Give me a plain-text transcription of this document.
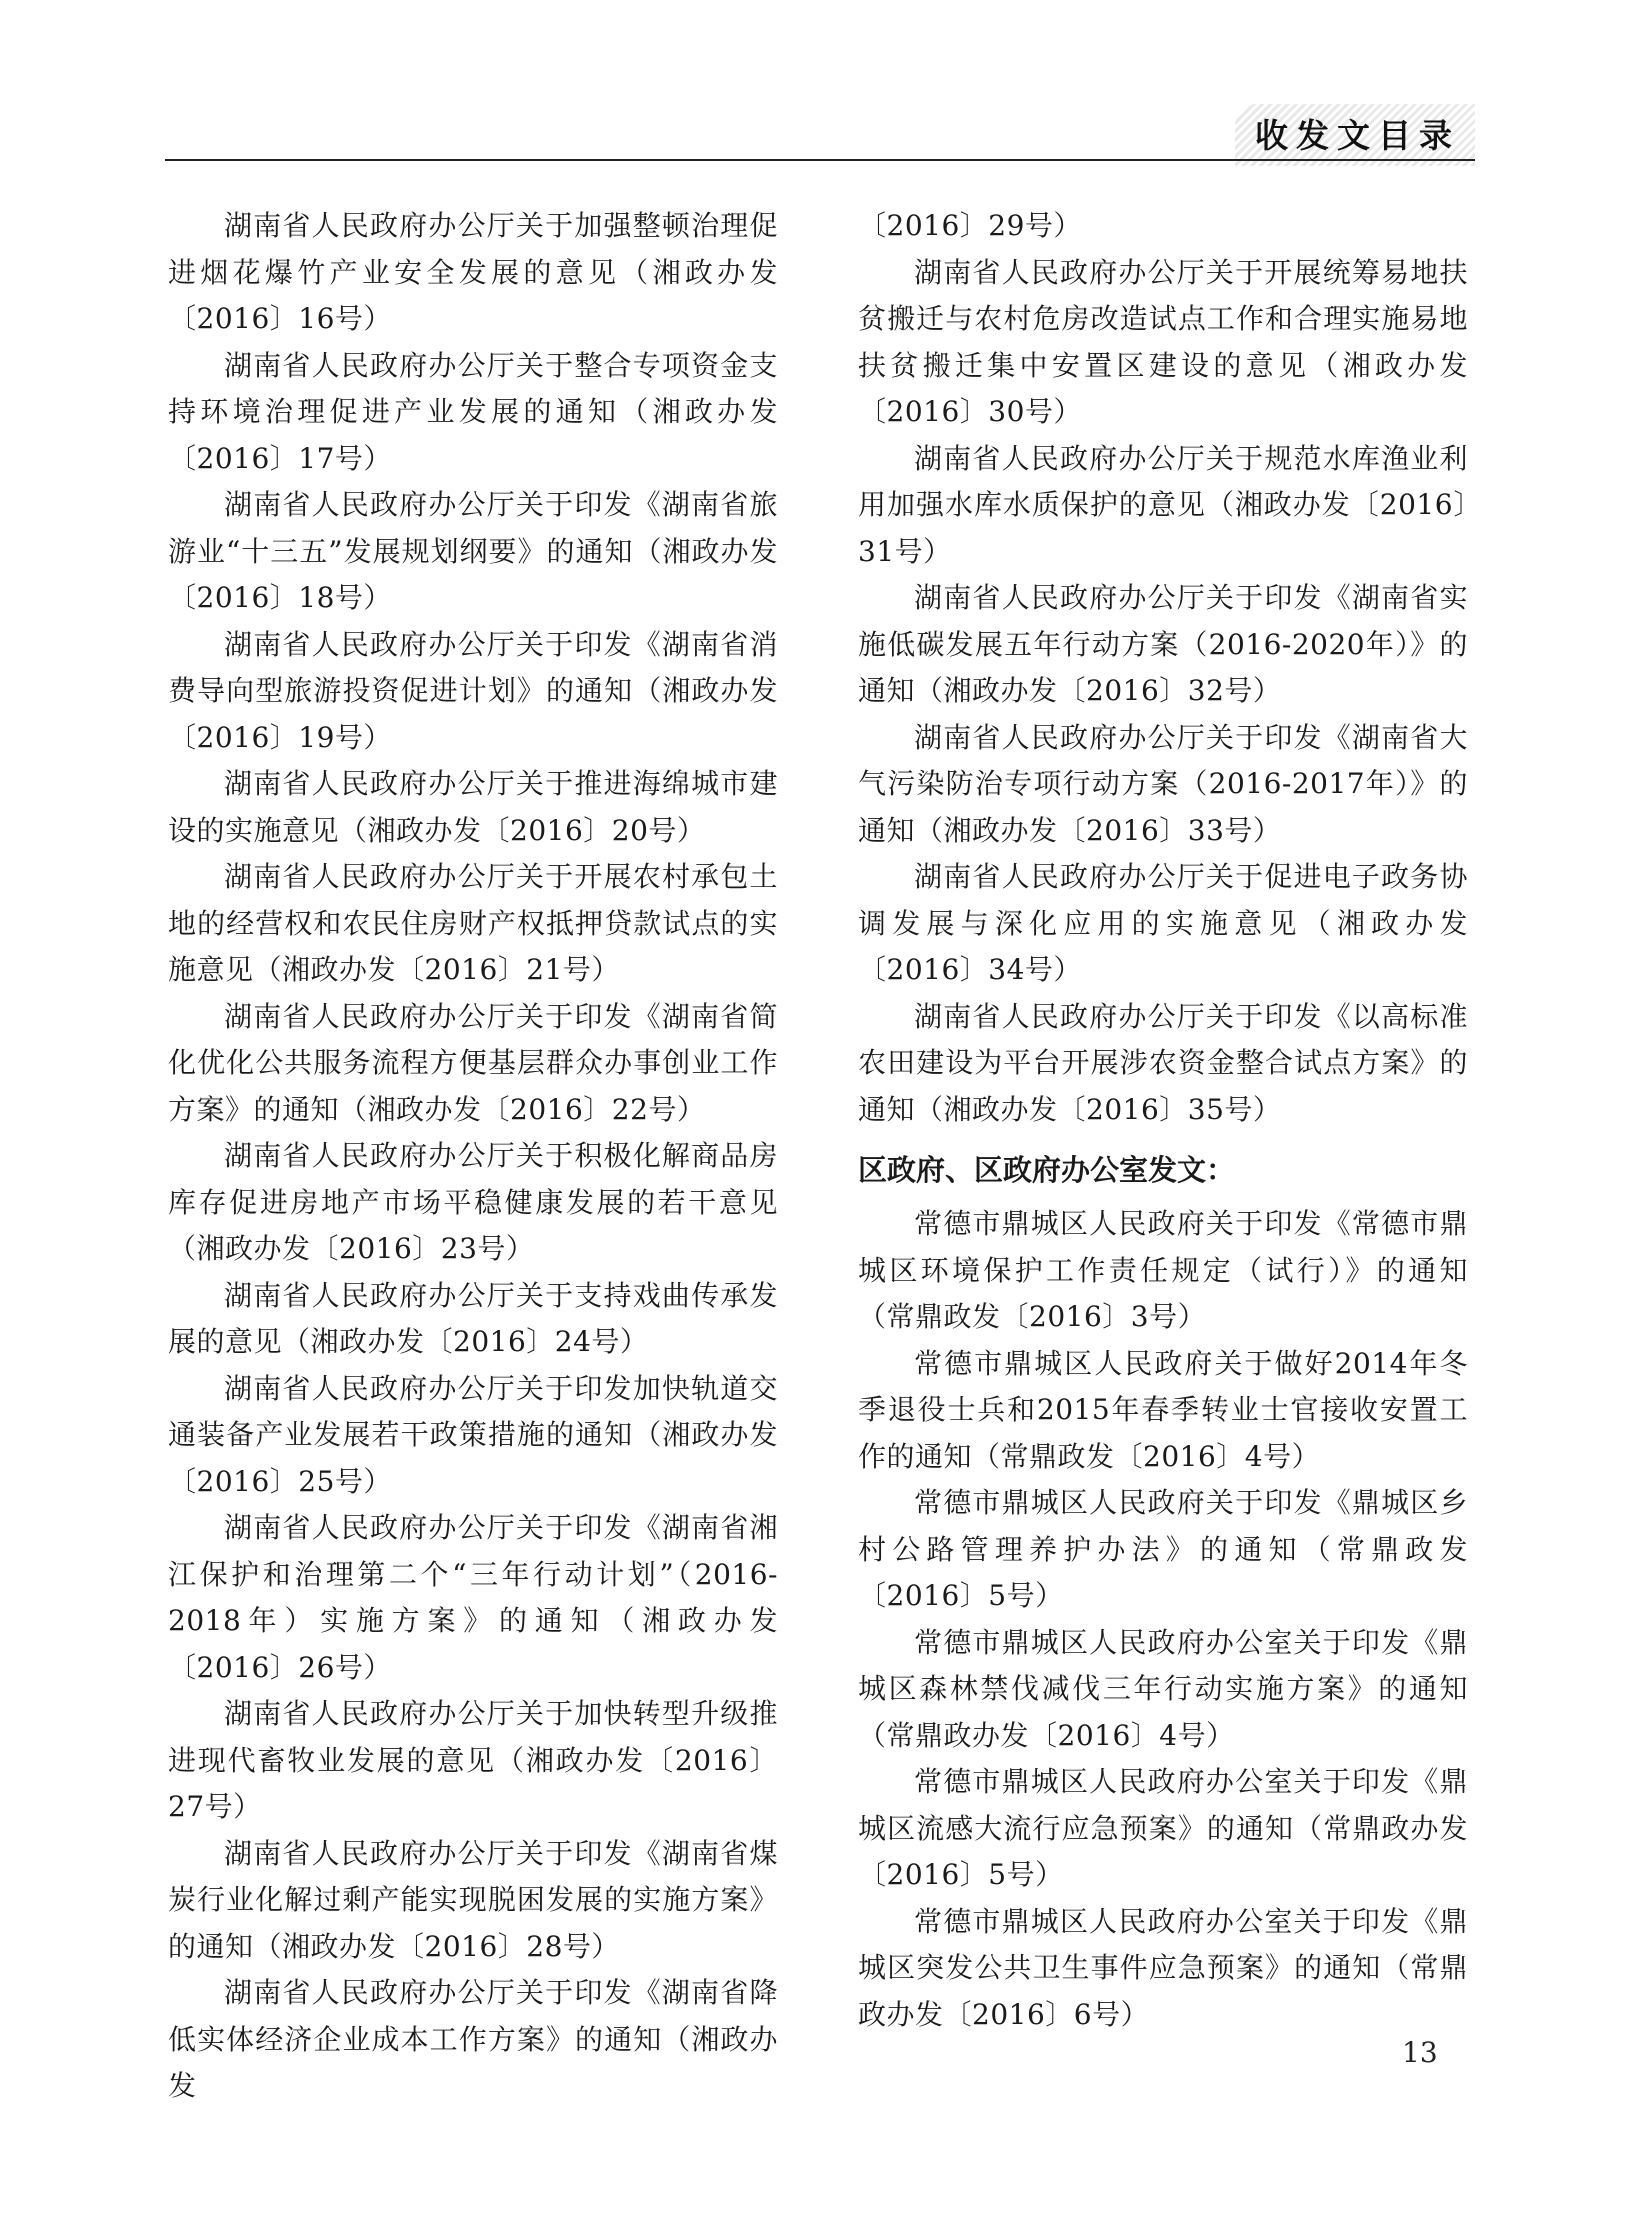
收发文目录

湖南省人民政府办公厅关于加强整顿治理促进烟花爆竹产业安全发展的意见（湘政办发〔2016〕16号）

湖南省人民政府办公厅关于整合专项资金支持环境治理促进产业发展的通知（湘政办发〔2016〕17号）

湖南省人民政府办公厅关于印发《湖南省旅游业“十三五”发展规划纲要》的通知（湘政办发〔2016〕18号）

湖南省人民政府办公厅关于印发《湖南省消费导向型旅游投资促进计划》的通知（湘政办发〔2016〕19号）

湖南省人民政府办公厅关于推进海绵城市建设的实施意见（湘政办发〔2016〕20号）

湖南省人民政府办公厅关于开展农村承包土地的经营权和农民住房财产权抵押贷款试点的实施意见（湘政办发〔2016〕21号）

湖南省人民政府办公厅关于印发《湖南省简化优化公共服务流程方便基层群众办事创业工作方案》的通知（湘政办发〔2016〕22号）

湖南省人民政府办公厅关于积极化解商品房库存促进房地产市场平稳健康发展的若干意见（湘政办发〔2016〕23号）

湖南省人民政府办公厅关于支持戏曲传承发展的意见（湘政办发〔2016〕24号）

湖南省人民政府办公厅关于印发加快轨道交通装备产业发展若干政策措施的通知（湘政办发〔2016〕25号）

湖南省人民政府办公厅关于印发《湖南省湘江保护和治理第二个“三年行动计划”（2016-2018年）实施方案》的通知（湘政办发〔2016〕26号）

湖南省人民政府办公厅关于加快转型升级推进现代畜牧业发展的意见（湘政办发〔2016〕27号）

湖南省人民政府办公厅关于印发《湖南省煤炭行业化解过剩产能实现脱困发展的实施方案》的通知（湘政办发〔2016〕28号）

湖南省人民政府办公厅关于印发《湖南省降低实体经济企业成本工作方案》的通知（湘政办发

〔2016〕29号）

湖南省人民政府办公厅关于开展统筹易地扶贫搬迁与农村危房改造试点工作和合理实施易地扶贫搬迁集中安置区建设的意见（湘政办发〔2016〕30号）

湖南省人民政府办公厅关于规范水库渔业利用加强水库水质保护的意见（湘政办发〔2016〕31号）

湖南省人民政府办公厅关于印发《湖南省实施低碳发展五年行动方案（2016-2020年）》的通知（湘政办发〔2016〕32号）

湖南省人民政府办公厅关于印发《湖南省大气污染防治专项行动方案（2016-2017年）》的通知（湘政办发〔2016〕33号）

湖南省人民政府办公厅关于促进电子政务协调发展与深化应用的实施意见（湘政办发〔2016〕34号）

湖南省人民政府办公厅关于印发《以高标准农田建设为平台开展涉农资金整合试点方案》的通知（湘政办发〔2016〕35号）

区政府、区政府办公室发文：

常德市鼎城区人民政府关于印发《常德市鼎城区环境保护工作责任规定（试行）》的通知（常鼎政发〔2016〕3号）

常德市鼎城区人民政府关于做好2014年冬季退役士兵和2015年春季转业士官接收安置工作的通知（常鼎政发〔2016〕4号）

常德市鼎城区人民政府关于印发《鼎城区乡村公路管理养护办法》的通知（常鼎政发〔2016〕5号）

常德市鼎城区人民政府办公室关于印发《鼎城区森林禁伐减伐三年行动实施方案》的通知（常鼎政办发〔2016〕4号）

常德市鼎城区人民政府办公室关于印发《鼎城区流感大流行应急预案》的通知（常鼎政办发〔2016〕5号）

常德市鼎城区人民政府办公室关于印发《鼎城区突发公共卫生事件应急预案》的通知（常鼎政办发〔2016〕6号）

13
